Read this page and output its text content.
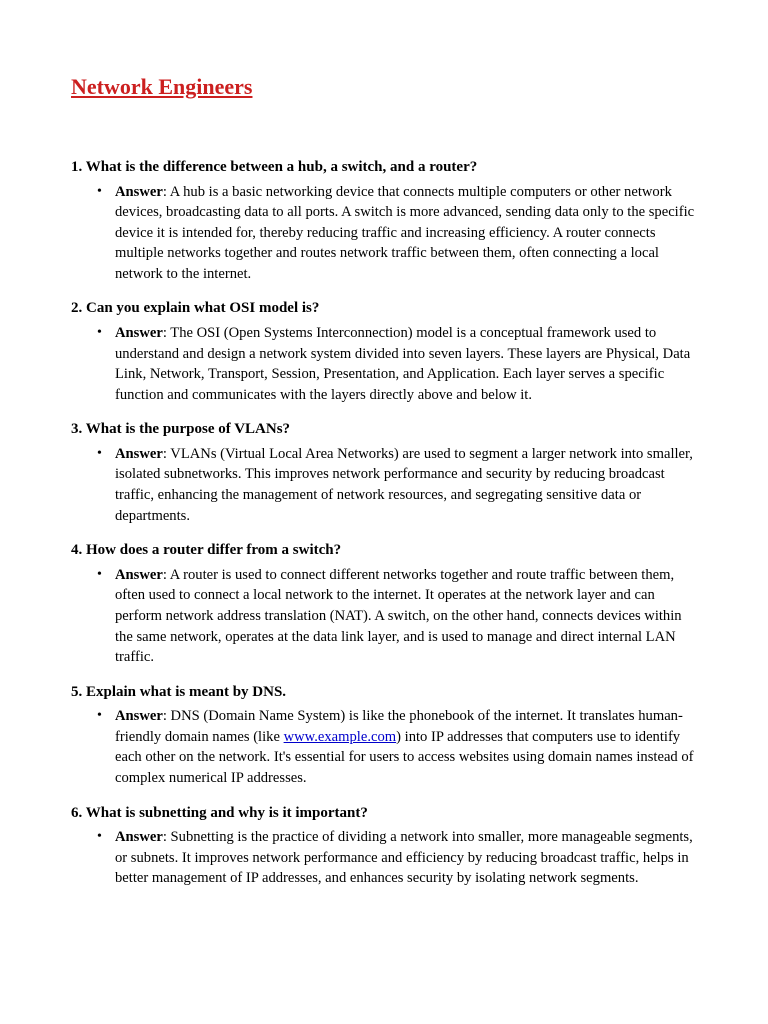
Network Engineers

1. What is the difference between a hub, a switch, and a router?

• Answer: A hub is a basic networking device that connects multiple computers or other network devices, broadcasting data to all ports. A switch is more advanced, sending data only to the specific device it is intended for, thereby reducing traffic and increasing efficiency. A router connects multiple networks together and routes network traffic between them, often connecting a local network to the internet.

2. Can you explain what OSI model is?

• Answer: The OSI (Open Systems Interconnection) model is a conceptual framework used to understand and design a network system divided into seven layers. These layers are Physical, Data Link, Network, Transport, Session, Presentation, and Application. Each layer serves a specific function and communicates with the layers directly above and below it.

3. What is the purpose of VLANs?

• Answer: VLANs (Virtual Local Area Networks) are used to segment a larger network into smaller, isolated subnetworks. This improves network performance and security by reducing broadcast traffic, enhancing the management of network resources, and segregating sensitive data or departments.

4. How does a router differ from a switch?

• Answer: A router is used to connect different networks together and route traffic between them, often used to connect a local network to the internet. It operates at the network layer and can perform network address translation (NAT). A switch, on the other hand, connects devices within the same network, operates at the data link layer, and is used to manage and direct internal LAN traffic.

5. Explain what is meant by DNS.

• Answer: DNS (Domain Name System) is like the phonebook of the internet. It translates human-friendly domain names (like www.example.com) into IP addresses that computers use to identify each other on the network. It's essential for users to access websites using domain names instead of complex numerical IP addresses.

6. What is subnetting and why is it important?

• Answer: Subnetting is the practice of dividing a network into smaller, more manageable segments, or subnets. It improves network performance and efficiency by reducing broadcast traffic, helps in better management of IP addresses, and enhances security by isolating network segments.
